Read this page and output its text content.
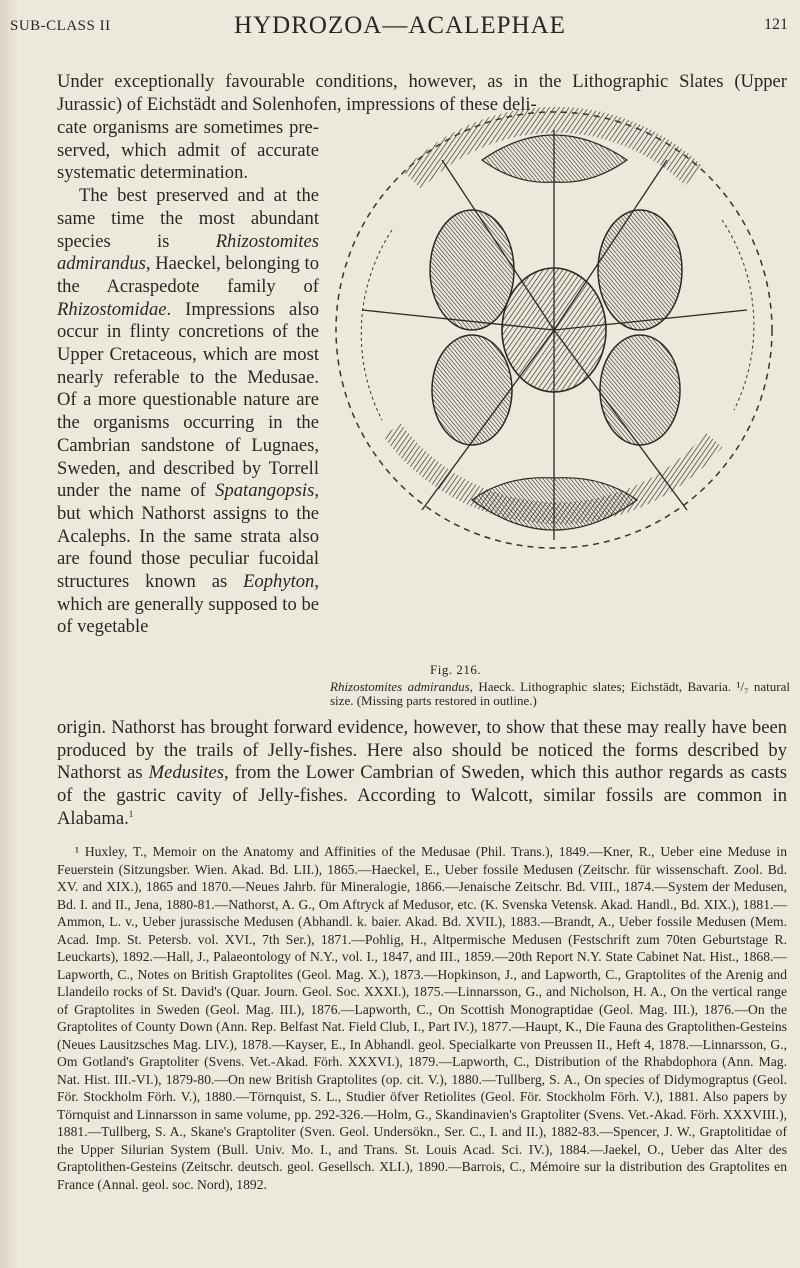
SUB-CLASS II	HYDROZOA—ACALEPHAE	121

Under exceptionally favourable conditions, however, as in the Lithographic Slates (Upper Jurassic) of Eichstädt and Solenhofen, impressions of these deli-

cate organisms are sometimes pre-served, which admit of accurate systematic determination.

The best preserved and at the same time the most abundant species is Rhizostomites admirandus, Haeckel, belonging to the Acraspedote family of Rhizostomidae. Impressions also occur in flinty concretions of the Upper Cretaceous, which are most nearly referable to the Medusae. Of a more questionable nature are the organisms occurring in the Cambrian sandstone of Lugnaes, Sweden, and described by Torrell under the name of Spatangopsis, but which Nathorst assigns to the Acalephs. In the same strata also are found those peculiar fucoidal structures known as Eophyton, which are generally supposed to be of vegetable

Fig. 216.
Rhizostomites admirandus, Haeck. Lithographic slates; Eichstädt, Bavaria. ¹/₇ natural size. (Missing parts restored in outline.)

origin. Nathorst has brought forward evidence, however, to show that these may really have been produced by the trails of Jelly-fishes. Here also should be noticed the forms described by Nathorst as Medusites, from the Lower Cambrian of Sweden, which this author regards as casts of the gastric cavity of Jelly-fishes. According to Walcott, similar fossils are common in Alabama.$^1$

¹ Huxley, T., Memoir on the Anatomy and Affinities of the Medusae (Phil. Trans.), 1849.—Kner, R., Ueber eine Meduse in Feuerstein (Sitzungsber. Wien. Akad. Bd. LII.), 1865.—Haeckel, E., Ueber fossile Medusen (Zeitschr. für wissenschaft. Zool. Bd. XV. and XIX.), 1865 and 1870.—Neues Jahrb. für Mineralogie, 1866.—Jenaische Zeitschr. Bd. VIII., 1874.—System der Medusen, Bd. I. and II., Jena, 1880-81.—Nathorst, A. G., Om Aftryck af Medusor, etc. (K. Svenska Vetensk. Akad. Handl., Bd. XIX.), 1881.—Ammon, L. v., Ueber jurassische Medusen (Abhandl. k. baier. Akad. Bd. XVII.), 1883.—Brandt, A., Ueber fossile Medusen (Mem. Acad. Imp. St. Petersb. vol. XVI., 7th Ser.), 1871.—Pohlig, H., Altpermische Medusen (Festschrift zum 70ten Geburtstage R. Leuckarts), 1892.—Hall, J., Palaeontology of N.Y., vol. I., 1847, and III., 1859.—20th Report N.Y. State Cabinet Nat. Hist., 1868.—Lapworth, C., Notes on British Graptolites (Geol. Mag. X.), 1873.—Hopkinson, J., and Lapworth, C., Graptolites of the Arenig and Llandeilo rocks of St. David's (Quar. Journ. Geol. Soc. XXXI.), 1875.—Linnarsson, G., and Nicholson, H. A., On the vertical range of Graptolites in Sweden (Geol. Mag. III.), 1876.—Lapworth, C., On Scottish Monograptidae (Geol. Mag. III.), 1876.—On the Graptolites of County Down (Ann. Rep. Belfast Nat. Field Club, I., Part IV.), 1877.—Haupt, K., Die Fauna des Graptolithen-Gesteins (Neues Lausitzsches Mag. LIV.), 1878.—Kayser, E., In Abhandl. geol. Specialkarte von Preussen II., Heft 4, 1878.—Linnarsson, G., Om Gotland's Graptoliter (Svens. Vet.-Akad. Förh. XXXVI.), 1879.—Lapworth, C., Distribution of the Rhabdophora (Ann. Mag. Nat. Hist. III.-VI.), 1879-80.—On new British Graptolites (op. cit. V.), 1880.—Tullberg, S. A., On species of Didymograptus (Geol. För. Stockholm Förh. V.), 1880.—Törnquist, S. L., Studier öfver Retiolites (Geol. För. Stockholm Förh. V.), 1881. Also papers by Törnquist and Linnarsson in same volume, pp. 292-326.—Holm, G., Skandinavien's Graptoliter (Svens. Vet.-Akad. Förh. XXXVIII.), 1881.—Tullberg, S. A., Skane's Graptoliter (Sven. Geol. Undersökn., Ser. C., I. and II.), 1882-83.—Spencer, J. W., Graptolitidae of the Upper Silurian System (Bull. Univ. Mo. I., and Trans. St. Louis Acad. Sci. IV.), 1884.—Jaekel, O., Ueber das Alter des Graptolithen-Gesteins (Zeitschr. deutsch. geol. Gesellsch. XLI.), 1890.—Barrois, C., Mémoire sur la distribution des Graptolites en France (Annal. geol. soc. Nord), 1892.
